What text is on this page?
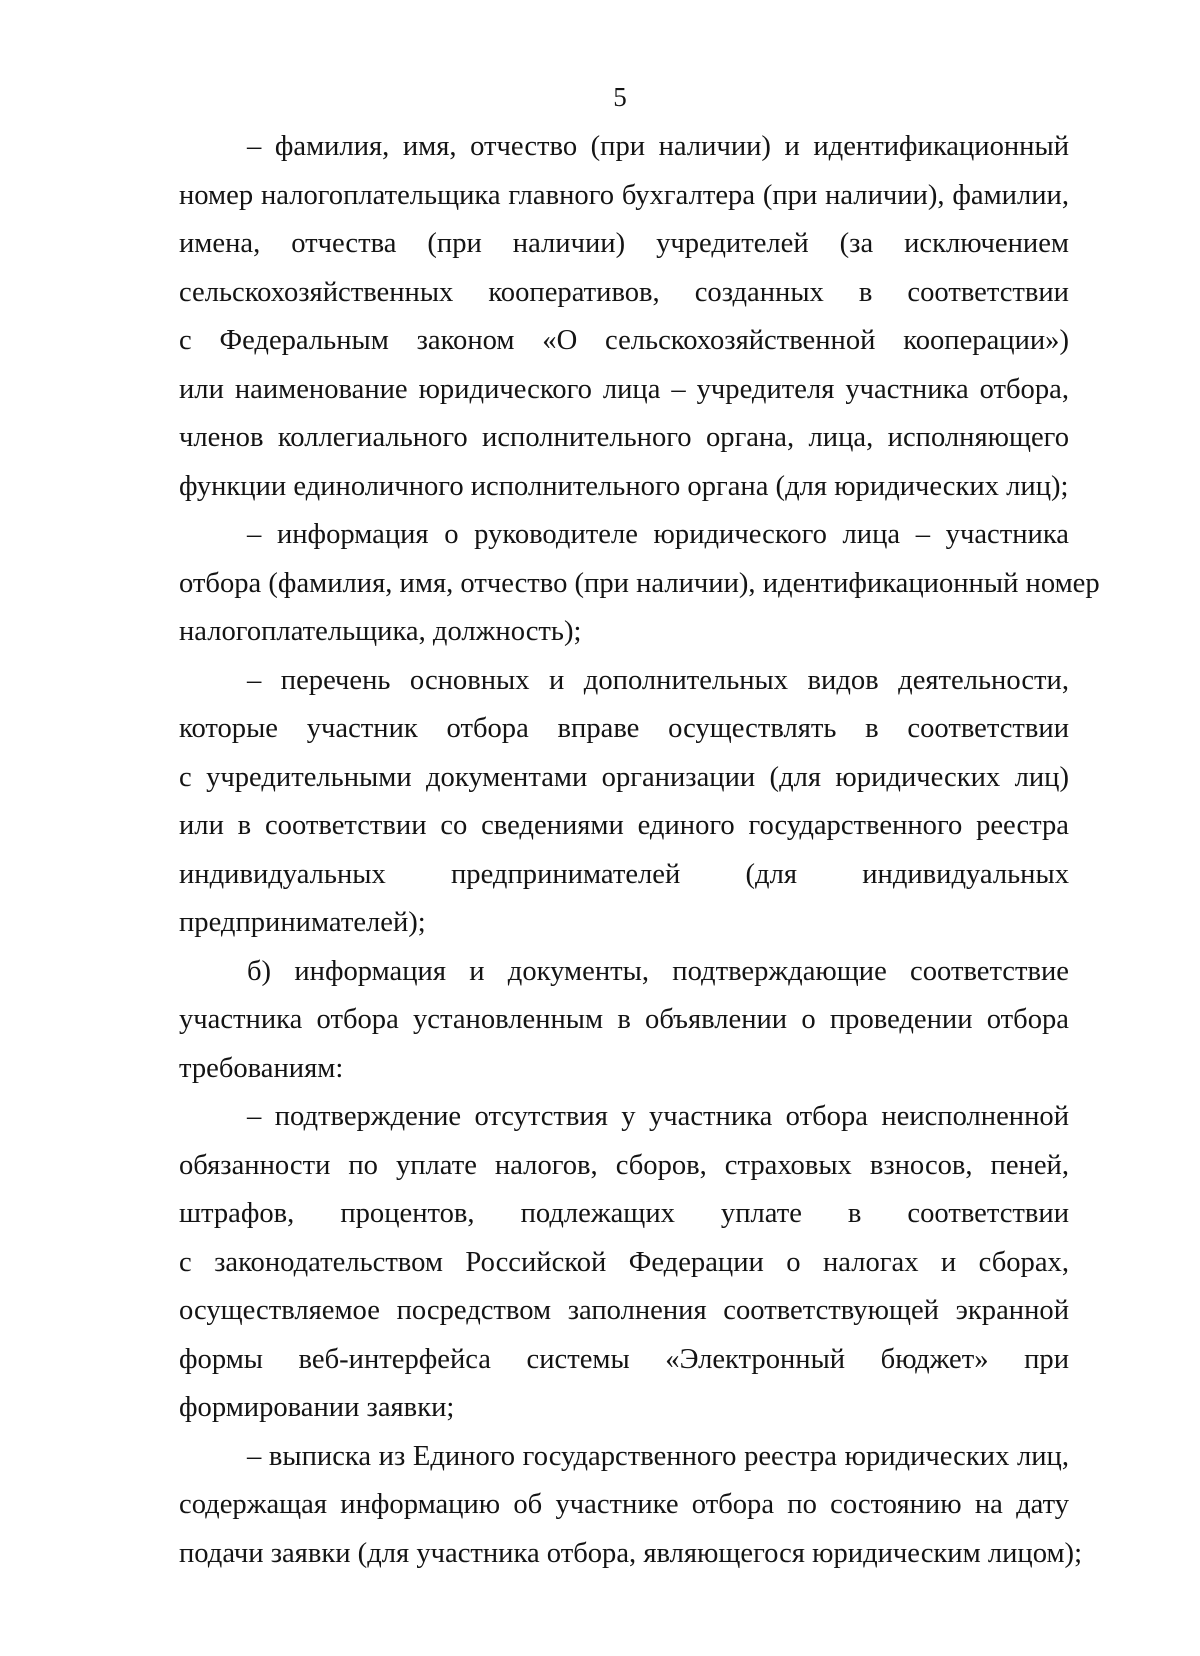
5
– фамилия, имя, отчество (при наличии) и идентификационный
номер налогоплательщика главного бухгалтера (при наличии), фамилии,
имена, отчества (при наличии) учредителей (за исключением
сельскохозяйственных кооперативов, созданных в соответствии
с Федеральным законом «О сельскохозяйственной кооперации»)
или наименование юридического лица – учредителя участника отбора,
членов коллегиального исполнительного органа, лица, исполняющего
функции единоличного исполнительного органа (для юридических лиц);
– информация о руководителе юридического лица – участника
отбора (фамилия, имя, отчество (при наличии), идентификационный номер
налогоплательщика, должность);
– перечень основных и дополнительных видов деятельности,
которые участник отбора вправе осуществлять в соответствии
с учредительными документами организации (для юридических лиц)
или в соответствии со сведениями единого государственного реестра
индивидуальных предпринимателей (для индивидуальных
предпринимателей);
б) информация и документы, подтверждающие соответствие
участника отбора установленным в объявлении о проведении отбора
требованиям:
– подтверждение отсутствия у участника отбора неисполненной
обязанности по уплате налогов, сборов, страховых взносов, пеней,
штрафов, процентов, подлежащих уплате в соответствии
с законодательством Российской Федерации о налогах и сборах,
осуществляемое посредством заполнения соответствующей экранной
формы веб-интерфейса системы «Электронный бюджет» при
формировании заявки;
– выписка из Единого государственного реестра юридических лиц,
содержащая информацию об участнике отбора по состоянию на дату
подачи заявки (для участника отбора, являющегося юридическим лицом);
